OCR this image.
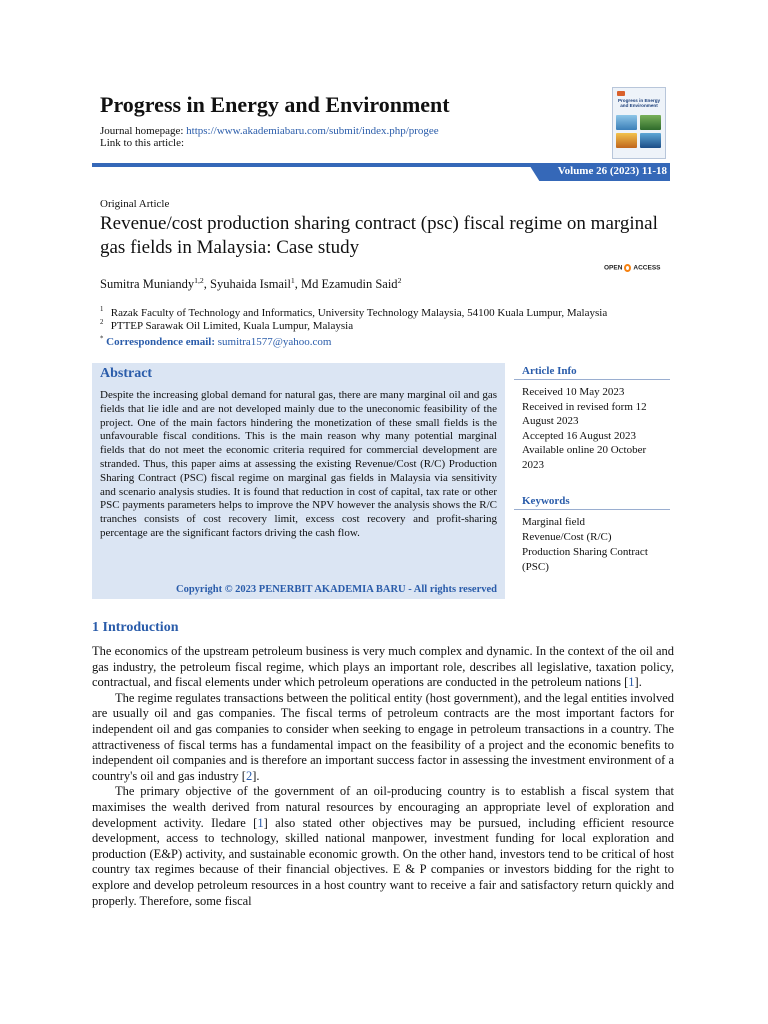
Progress in Energy and Environment
Journal homepage: https://www.akademiabaru.com/submit/index.php/progee
Link to this article:
Progress in Energy and Environment
Volume 26 (2023) 11-18
Original Article
Revenue/cost production sharing contract (psc) fiscal regime on marginal gas fields in Malaysia: Case study
Sumitra Muniandy$^{1,2}$, Syuhaida Ismail$^1$, Md Ezamudin Said$^2$
OPEN ACCESS
$^1$ Razak Faculty of Technology and Informatics, University Technology Malaysia, 54100 Kuala Lumpur, Malaysia
$^2$ PTTEP Sarawak Oil Limited, Kuala Lumpur, Malaysia
* Correspondence email: sumitra1577@yahoo.com
Abstract
Despite the increasing global demand for natural gas, there are many marginal oil and gas fields that lie idle and are not developed mainly due to the uneconomic feasibility of the project. One of the main factors hindering the monetization of these small fields is the unfavourable fiscal conditions. This is the main reason why many potential marginal fields that do not meet the economic criteria required for commercial development are stranded. Thus, this paper aims at assessing the existing Revenue/Cost (R/C) Production Sharing Contract (PSC) fiscal regime on marginal gas fields in Malaysia via sensitivity and scenario analysis studies. It is found that reduction in cost of capital, tax rate or other PSC payments parameters helps to improve the NPV however the analysis shows the R/C tranches consists of cost recovery limit, excess cost recovery and profit-sharing percentage are the significant factors driving the cash flow.
Copyright © 2023 PENERBIT AKADEMIA BARU - All rights reserved
Article Info
Received 10 May 2023
Received in revised form 12 August 2023
Accepted 16 August 2023
Available online 20 October 2023
Keywords
Marginal field
Revenue/Cost (R/C)
Production Sharing Contract (PSC)
1 Introduction

The economics of the upstream petroleum business is very much complex and dynamic. In the context of the oil and gas industry, the petroleum fiscal regime, which plays an important role, describes all legislative, taxation policy, contractual, and fiscal elements under which petroleum operations are conducted in the petroleum nations [1].

The regime regulates transactions between the political entity (host government), and the legal entities involved are usually oil and gas companies. The fiscal terms of petroleum contracts are the most important factors for independent oil and gas companies to consider when seeking to engage in petroleum transactions in a country. The attractiveness of fiscal terms has a fundamental impact on the feasibility of a project and the economic benefits to independent oil companies and is therefore an important success factor in assessing the investment environment of a country's oil and gas industry [2].

The primary objective of the government of an oil-producing country is to establish a fiscal system that maximises the wealth derived from natural resources by encouraging an appropriate level of exploration and development activity. Iledare [1] also stated other objectives may be pursued, including efficient resource development, access to technology, skilled national manpower, investment funding for local exploration and production (E&P) activity, and sustainable economic growth. On the other hand, investors tend to be critical of host country tax regimes because of their financial objectives. E & P companies or investors bidding for the right to explore and develop petroleum resources in a host country want to receive a fair and satisfactory return quickly and properly. Therefore, some fiscal
